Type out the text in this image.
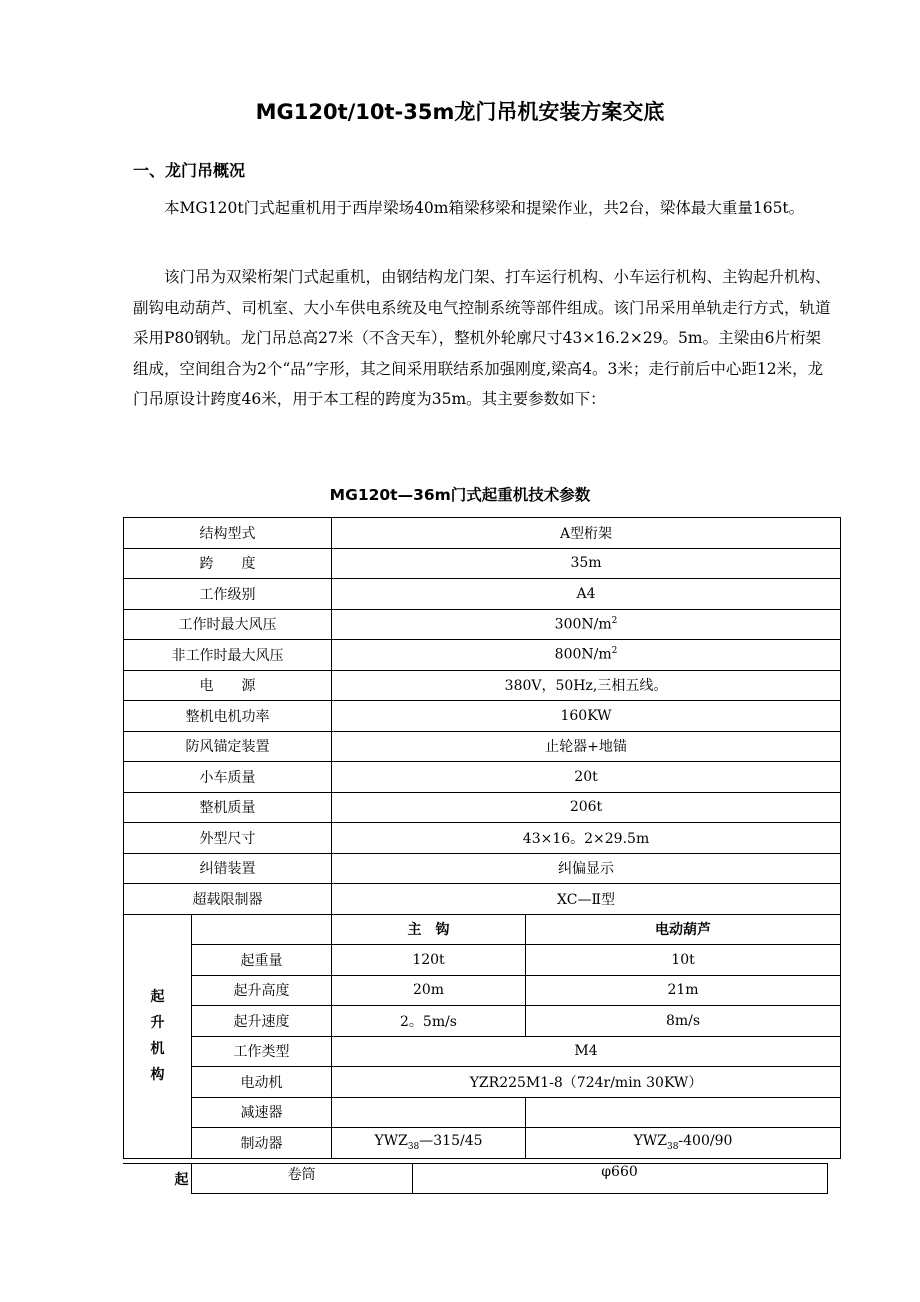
MG120t/10t-35m龙门吊机安装方案交底
一、龙门吊概况

本MG120t门式起重机用于西岸梁场40m箱梁移梁和提梁作业，共2台，梁体最大重量165t。

该门吊为双梁桁架门式起重机，由钢结构龙门架、打车运行机构、小车运行机构、主钩起升机构、副钩电动葫芦、司机室、大小车供电系统及电气控制系统等部件组成。该门吊采用单轨走行方式，轨道采用P80钢轨。龙门吊总高27米（不含天车），整机外轮廓尺寸43×16.2×29。5m。主梁由6片桁架组成，空间组合为2个“品”字形，其之间采用联结系加强刚度,梁高4。3米；走行前后中心距12米，龙门吊原设计跨度46米，用于本工程的跨度为35m。其主要参数如下：

MG120t—36m门式起重机技术参数
结构型式		A型桁架	
跨　　度		35m	
工作级别		A4	
工作时最大风压		$300N/m^2$
非工作时最大风压		$800N/m^2$
电　　源		380V，50Hz,三相五线。	
整机电机功率		160KW	
防风锚定装置		止轮器+地锚	
小车质量		20t	
整机质量		206t	
外型尺寸		43×16。2×29.5m	
纠错装置		纠偏显示	
超载限制器		XC—Ⅱ型	

起
升
机
构		主　钩	电动葫芦
	起重量	120t	10t
	起升高度	20m	21m
	起升速度	2。5m/s	8m/s
	工作类型	M4	
	电动机	YZR225M1-8（724r/min 30KW）	
	减速器		
	制动器	$YWZ_{38}—315/45$	$YWZ_{38}-400/90$
起	卷筒	φ660
